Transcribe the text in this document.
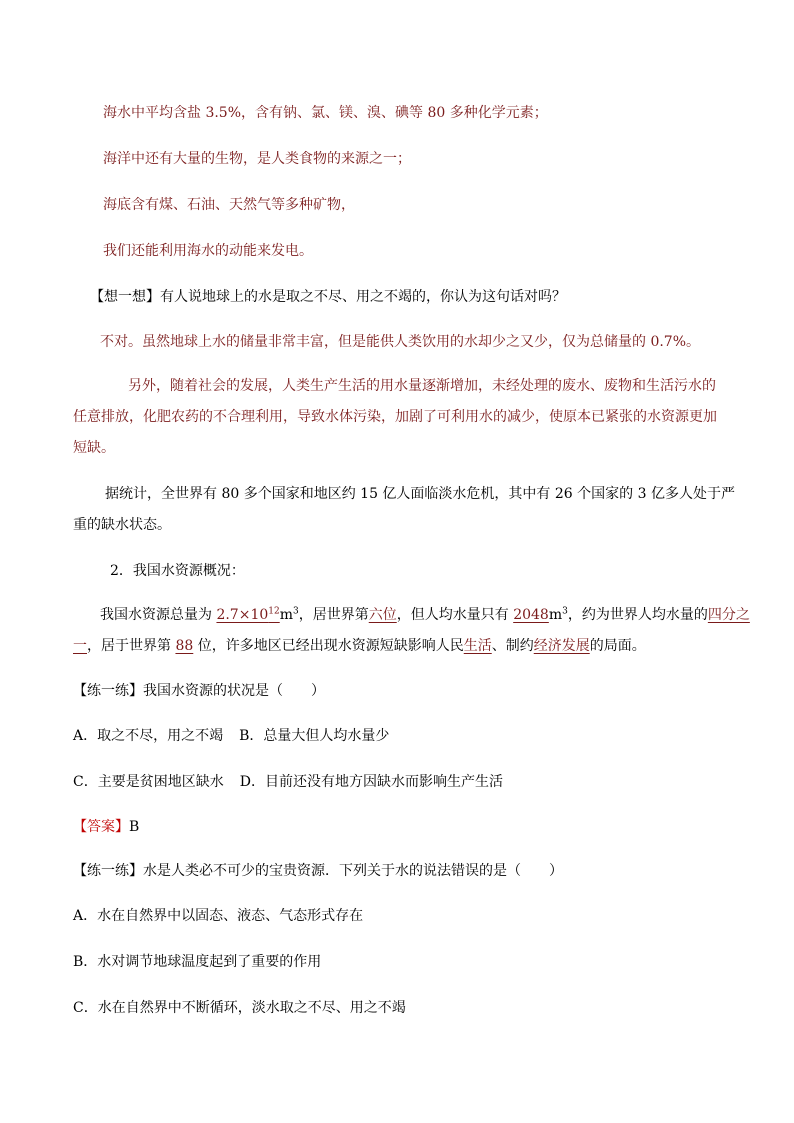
海水中平均含盐 3.5%，含有钠、氯、镁、溴、碘等 80 多种化学元素；
海洋中还有大量的生物，是人类食物的来源之一；
海底含有煤、石油、天然气等多种矿物，
我们还能利用海水的动能来发电。
【想一想】有人说地球上的水是取之不尽、用之不竭的，你认为这句话对吗？
不对。虽然地球上水的储量非常丰富，但是能供人类饮用的水却少之又少，仅为总储量的 0.7%。
另外，随着社会的发展，人类生产生活的用水量逐渐增加，未经处理的废水、废物和生活污水的
任意排放，化肥农药的不合理利用，导致水体污染，加剧了可利用水的减少，使原本已紧张的水资源更加
短缺。
据统计，全世界有 80 多个国家和地区约 15 亿人面临淡水危机，其中有 26 个国家的 3 亿多人处于严
重的缺水状态。
2．我国水资源概况：
我国水资源总量为 $2.7\times 10^{12}m^3$，居世界第六位，但人均水量只有 $2048m^3$，约为世界人均水量的四分之
一，居于世界第 88 位，许多地区已经出现水资源短缺影响人民生活、制约经济发展的局面。
【练一练】我国水资源的状况是（　　）
A．取之不尽，用之不竭 B．总量大但人均水量少
C．主要是贫困地区缺水 D．目前还没有地方因缺水而影响生产生活
【答案】B
【练一练】水是人类必不可少的宝贵资源．下列关于水的说法错误的是（　　）
A．水在自然界中以固态、液态、气态形式存在
B．水对调节地球温度起到了重要的作用
C．水在自然界中不断循环，淡水取之不尽、用之不竭
